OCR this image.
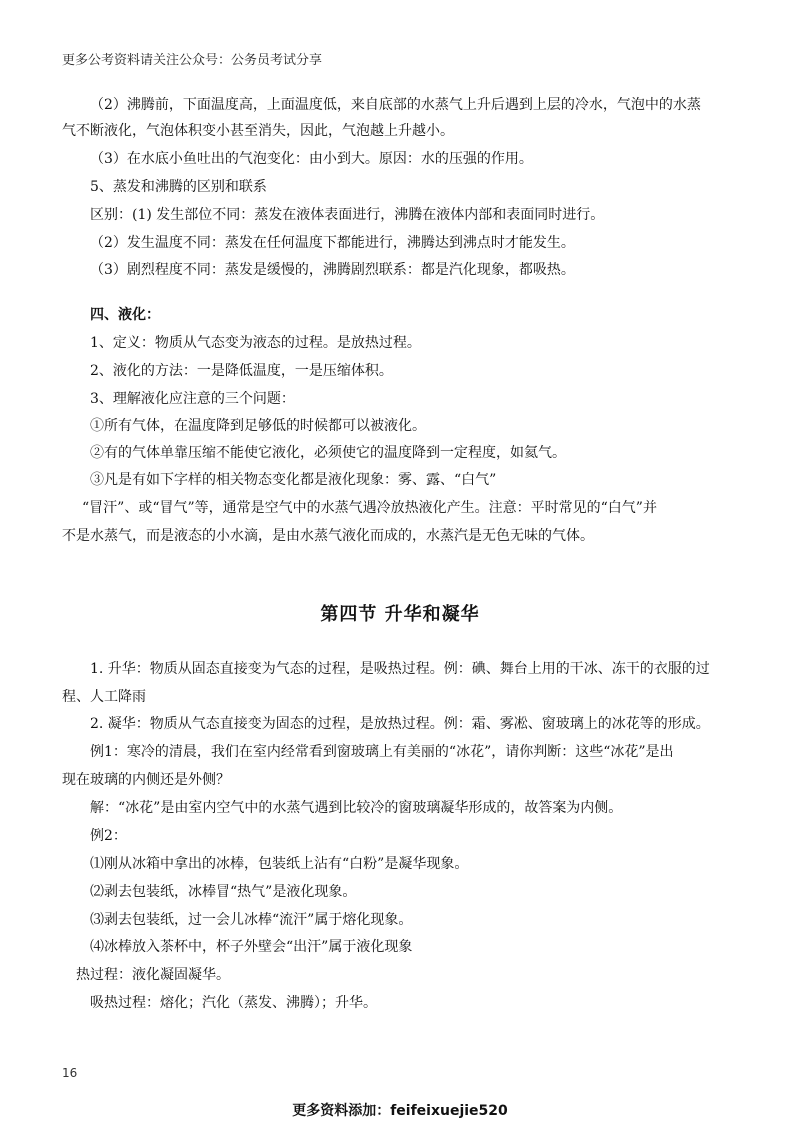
更多公考资料请关注公众号：公务员考试分享
（2）沸腾前，下面温度高，上面温度低，来自底部的水蒸气上升后遇到上层的冷水，气泡中的水蒸
气不断液化，气泡体积变小甚至消失，因此，气泡越上升越小。
（3）在水底小鱼吐出的气泡变化：由小到大。原因：水的压强的作用。
5、蒸发和沸腾的区别和联系
区别：(1) 发生部位不同：蒸发在液体表面进行，沸腾在液体内部和表面同时进行。
（2）发生温度不同：蒸发在任何温度下都能进行，沸腾达到沸点时才能发生。
（3）剧烈程度不同：蒸发是缓慢的，沸腾剧烈联系：都是汽化现象，都吸热。
四、液化：
1、定义：物质从气态变为液态的过程。是放热过程。
2、液化的方法：一是降低温度，一是压缩体积。
3、理解液化应注意的三个问题：
①所有气体，在温度降到足够低的时候都可以被液化。
②有的气体单靠压缩不能使它液化，必须使它的温度降到一定程度，如氦气。
③凡是有如下字样的相关物态变化都是液化现象：雾、露、“白气”
“冒汗”、或“冒气”等，通常是空气中的水蒸气遇冷放热液化产生。注意：平时常见的“白气”并
不是水蒸气，而是液态的小水滴，是由水蒸气液化而成的，水蒸汽是无色无味的气体。
第四节 升华和凝华
1. 升华：物质从固态直接变为气态的过程，是吸热过程。例：碘、舞台上用的干冰、冻干的衣服的过
程、人工降雨
2. 凝华：物质从气态直接变为固态的过程，是放热过程。例：霜、雾凇、窗玻璃上的冰花等的形成。
例1：寒冷的清晨，我们在室内经常看到窗玻璃上有美丽的“冰花”，请你判断：这些“冰花”是出
现在玻璃的内侧还是外侧？
解：“冰花”是由室内空气中的水蒸气遇到比较冷的窗玻璃凝华形成的，故答案为内侧。
例2：
⑴刚从冰箱中拿出的冰棒，包装纸上沾有“白粉”是凝华现象。
⑵剥去包装纸，冰棒冒“热气”是液化现象。
⑶剥去包装纸，过一会儿冰棒“流汗”属于熔化现象。
⑷冰棒放入茶杯中，杯子外壁会“出汗”属于液化现象
热过程：液化凝固凝华。
吸热过程：熔化；汽化（蒸发、沸腾）；升华。
16
更多资料添加：feifeixuejie520
